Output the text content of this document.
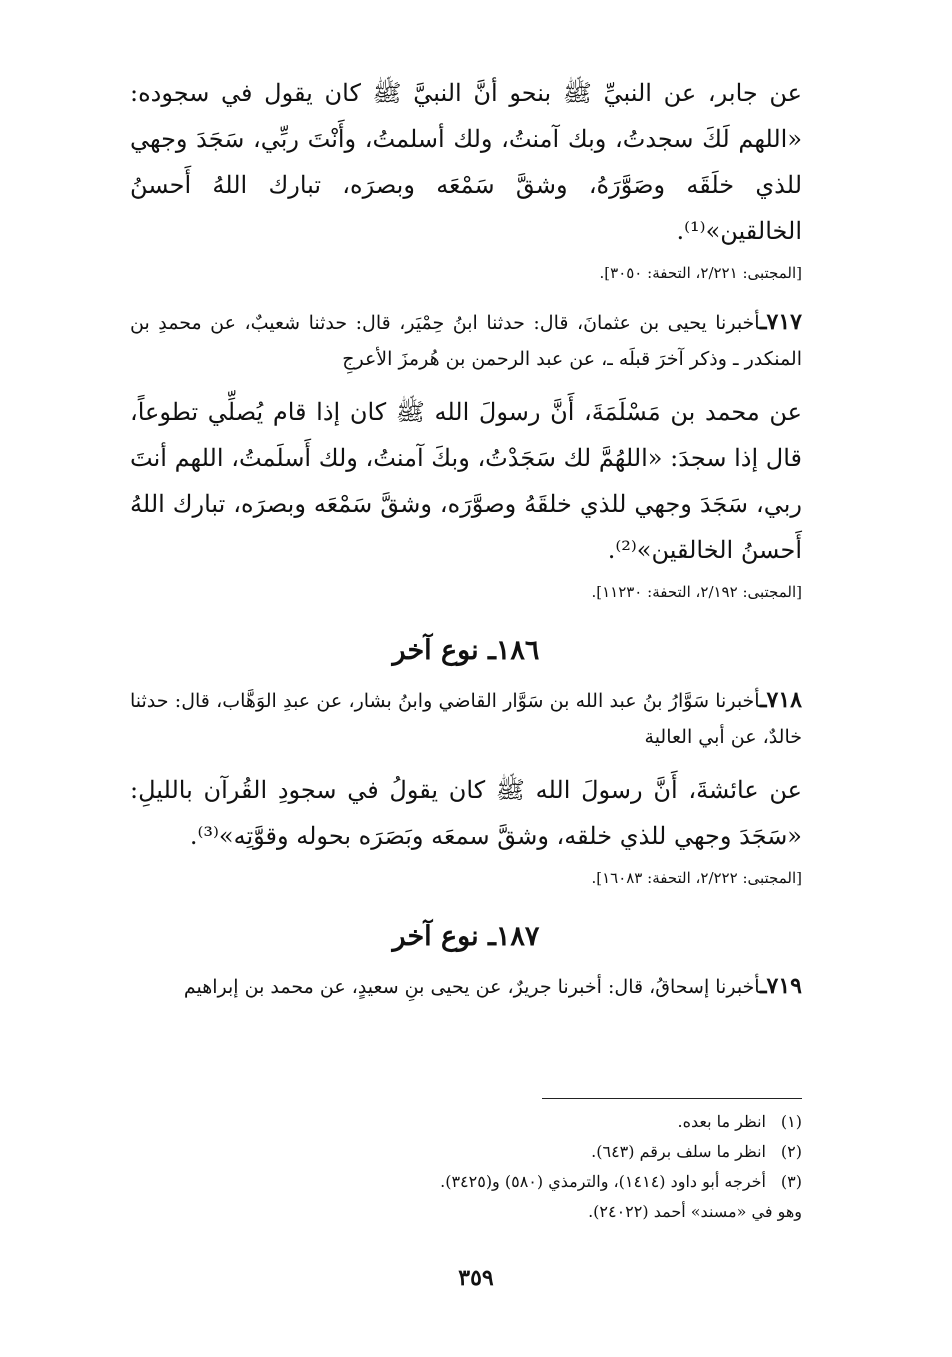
عن جابر، عن النبيِّ ﷺ بنحو أنَّ النبيَّ ﷺ كان يقول في سجوده: «اللهم لَكَ سجدتُ، وبك آمنتُ، ولك أسلمتُ، وأَنْتَ ربِّي، سَجَدَ وجهي للذي خلَقَه وصَوَّرَهُ، وشقَّ سَمْعَه وبصرَه، تبارك اللهُ أَحسنُ الخالقين»⁽¹⁾.

[المجتبى: ٢/٢٢١، التحفة: ٣٠٥٠].

٧١٧ـأخبرنا يحيى بن عثمانَ، قال: حدثنا ابنُ حِمْيَر، قال: حدثنا شعيبٌ، عن محمدِ بن المنكدر ـ وذكر آخرَ قبلَه ـ، عن عبد الرحمن بن هُرمزَ الأعرجِ

عن محمد بن مَسْلَمَةَ، أَنَّ رسولَ الله ﷺ كان إذا قام يُصلِّي تطوعاً، قال إذا سجدَ: «اللهُمَّ لك سَجَدْتُ، وبكَ آمنتُ، ولك أَسلَمتُ، اللهم أنتَ ربي، سَجَدَ وجهي للذي خلقَهُ وصوَّرَه، وشقَّ سَمْعَه وبصرَه، تبارك اللهُ أَحسنُ الخالقين»⁽²⁾.

[المجتبى: ٢/١٩٢، التحفة: ١١٢٣٠].

١٨٦ـ نوع آخر

٧١٨ـأخبرنا سَوَّارُ بنُ عبد الله بن سَوَّار القاضي وابنُ بشار، عن عبدِ الوَهَّاب، قال: حدثنا خالدٌ، عن أبي العالية

عن عائشةَ، أَنَّ رسولَ الله ﷺ كان يقولُ في سجودِ القُرآن بالليلِ: «سَجَدَ وجهي للذي خلقه، وشقَّ سمعَه وبَصَرَه بحوله وقوَّتِه»⁽³⁾.

[المجتبى: ٢/٢٢٢، التحفة: ١٦٠٨٣].

١٨٧ـ نوع آخر

٧١٩ـأخبرنا إسحاقُ، قال: أخبرنا جريرٌ، عن يحيى بنِ سعيدٍ، عن محمد بن إبراهيم

(١)انظر ما بعده.
(٢)انظر ما سلف برقم (٦٤٣).
(٣)أخرجه أبو داود (١٤١٤)، والترمذي (٥٨٠) و(٣٤٢٥).
وهو في «مسند» أحمد (٢٤٠٢٢).
٣٥٩
